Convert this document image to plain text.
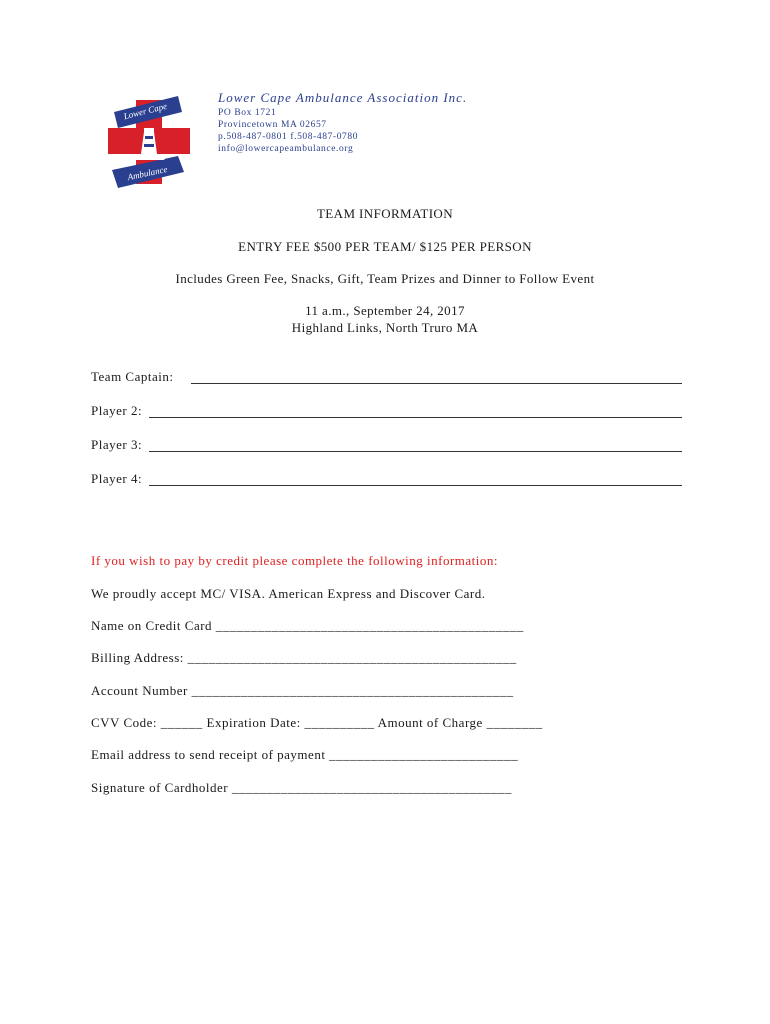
Lower Cape
Ambulance
Lower Cape Ambulance Association Inc.
PO Box 1721
Provincetown MA 02657
p.508-487-0801 f.508-487-0780
info@lowercapeambulance.org
TEAM INFORMATION
ENTRY FEE $500 PER TEAM/ $125 PER PERSON
Includes Green Fee, Snacks, Gift, Team Prizes and Dinner to Follow Event
11 a.m., September 24, 2017
Highland Links, North Truro MA
Team Captain:
Player 2:
Player 3:
Player 4:
If you wish to pay by credit please complete the following information:
We proudly accept MC/ VISA. American Express and Discover Card.
Name on Credit Card ____________________________________________
Billing Address: _______________________________________________
Account Number ______________________________________________
CVV Code: ______ Expiration Date: __________ Amount of Charge ________
Email address to send receipt of payment ___________________________
Signature of Cardholder ________________________________________
